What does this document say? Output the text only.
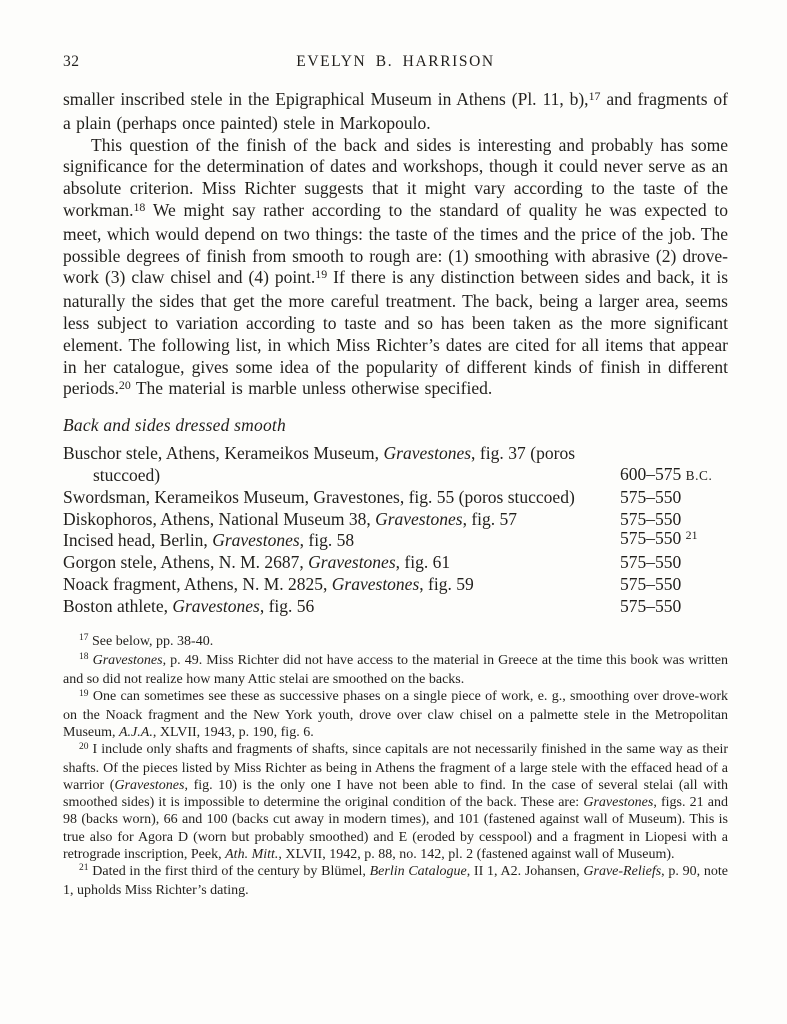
32	EVELYN B. HARRISON

smaller inscribed stele in the Epigraphical Museum in Athens (Pl. 11, b),$^{17}$ and fragments of a plain (perhaps once painted) stele in Markopoulo.

This question of the finish of the back and sides is interesting and probably has some significance for the determination of dates and workshops, though it could never serve as an absolute criterion. Miss Richter suggests that it might vary according to the taste of the workman.$^{18}$ We might say rather according to the standard of quality he was expected to meet, which would depend on two things: the taste of the times and the price of the job. The possible degrees of finish from smooth to rough are: (1) smoothing with abrasive (2) drove-work (3) claw chisel and (4) point.$^{19}$ If there is any distinction between sides and back, it is naturally the sides that get the more careful treatment. The back, being a larger area, seems less subject to variation according to taste and so has been taken as the more significant element. The following list, in which Miss Richter’s dates are cited for all items that appear in her catalogue, gives some idea of the popularity of different kinds of finish in different periods.$^{20}$ The material is marble unless otherwise specified.

Back and sides dressed smooth
Buschor stele, Athens, Kerameikos Museum, Gravestones, fig. 37 (poros stuccoed)	600–575 B.C.
Swordsman, Kerameikos Museum, Gravestones, fig. 55 (poros stuccoed)	575–550
Diskophoros, Athens, National Museum 38, Gravestones, fig. 57	575–550
Incised head, Berlin, Gravestones, fig. 58	575–550 $^{21}$
Gorgon stele, Athens, N. M. 2687, Gravestones, fig. 61	575–550
Noack fragment, Athens, N. M. 2825, Gravestones, fig. 59	575–550
Boston athlete, Gravestones, fig. 56	575–550

$^{17}$ See below, pp. 38-40.

$^{18}$ Gravestones, p. 49. Miss Richter did not have access to the material in Greece at the time this book was written and so did not realize how many Attic stelai are smoothed on the backs.

$^{19}$ One can sometimes see these as successive phases on a single piece of work, e. g., smoothing over drove-work on the Noack fragment and the New York youth, drove over claw chisel on a palmette stele in the Metropolitan Museum, A.J.A., XLVII, 1943, p. 190, fig. 6.

$^{20}$ I include only shafts and fragments of shafts, since capitals are not necessarily finished in the same way as their shafts. Of the pieces listed by Miss Richter as being in Athens the fragment of a large stele with the effaced head of a warrior (Gravestones, fig. 10) is the only one I have not been able to find. In the case of several stelai (all with smoothed sides) it is impossible to determine the original condition of the back. These are: Gravestones, figs. 21 and 98 (backs worn), 66 and 100 (backs cut away in modern times), and 101 (fastened against wall of Museum). This is true also for Agora D (worn but probably smoothed) and E (eroded by cesspool) and a fragment in Liopesi with a retrograde inscription, Peek, Ath. Mitt., XLVII, 1942, p. 88, no. 142, pl. 2 (fastened against wall of Museum).

$^{21}$ Dated in the first third of the century by Blümel, Berlin Catalogue, II 1, A2. Johansen, Grave-Reliefs, p. 90, note 1, upholds Miss Richter’s dating.
